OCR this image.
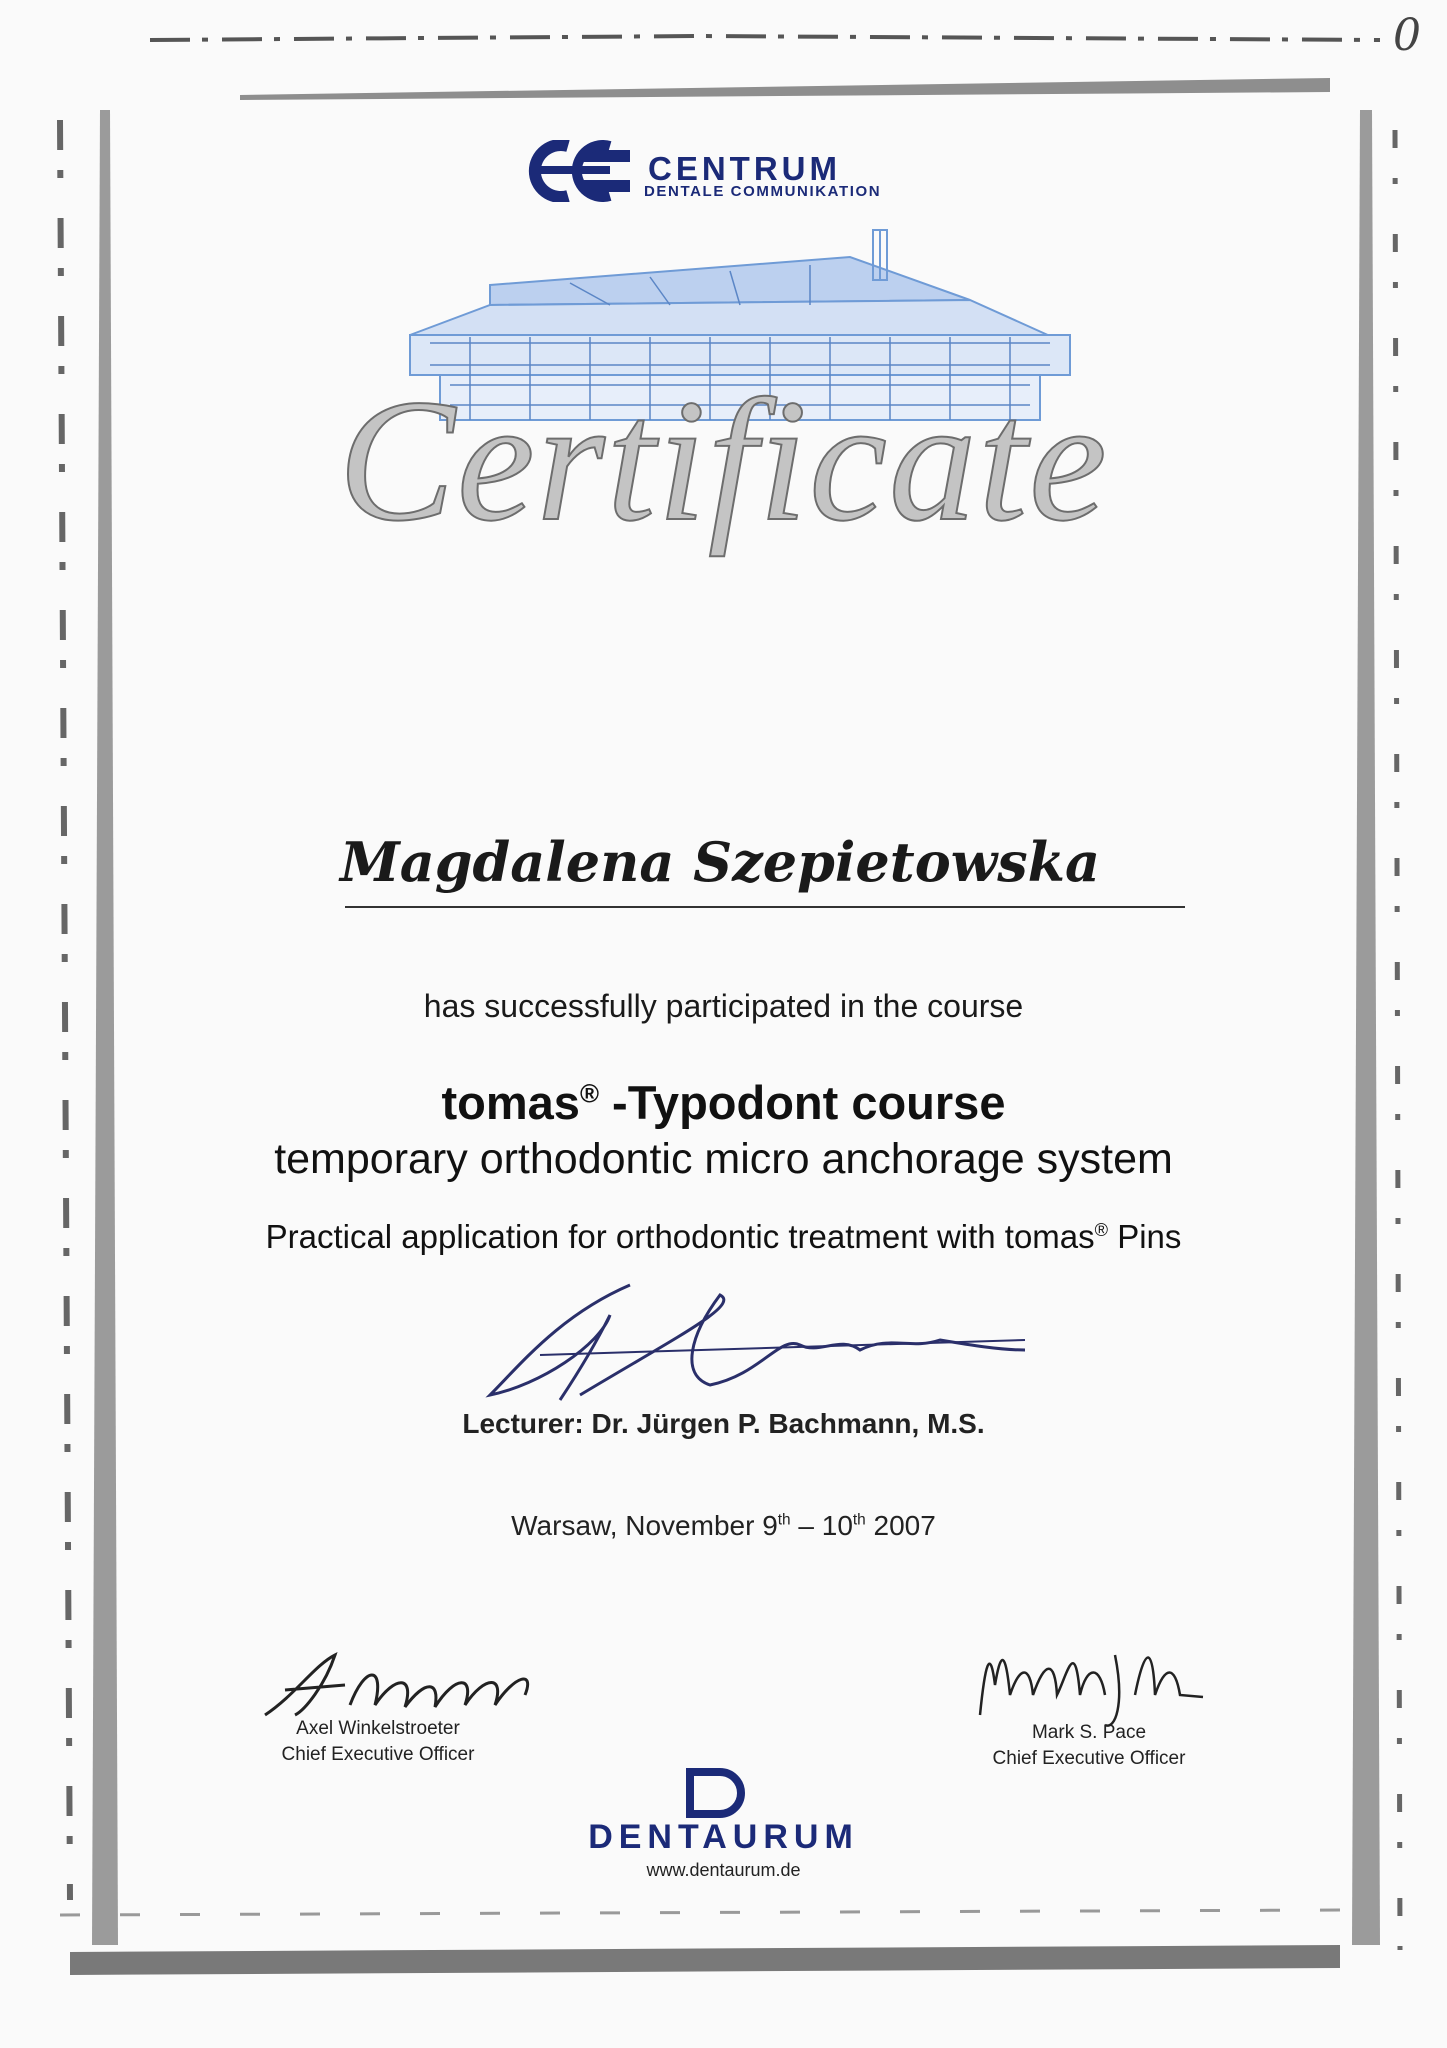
CENTRUM
DENTALE COMMUNIKATION
Certificate
Magdalena Szepietowska
has successfully participated in the course
tomas® -Typodont course
temporary orthodontic micro anchorage system
Practical application for orthodontic treatment with tomas® Pins
Lecturer: Dr. Jürgen P. Bachmann, M.S.
Warsaw, November 9th – 10th 2007
Axel Winkelstroeter
Chief Executive Officer
Mark S. Pace
Chief Executive Officer
DENTAURUM
www.dentaurum.de
0
